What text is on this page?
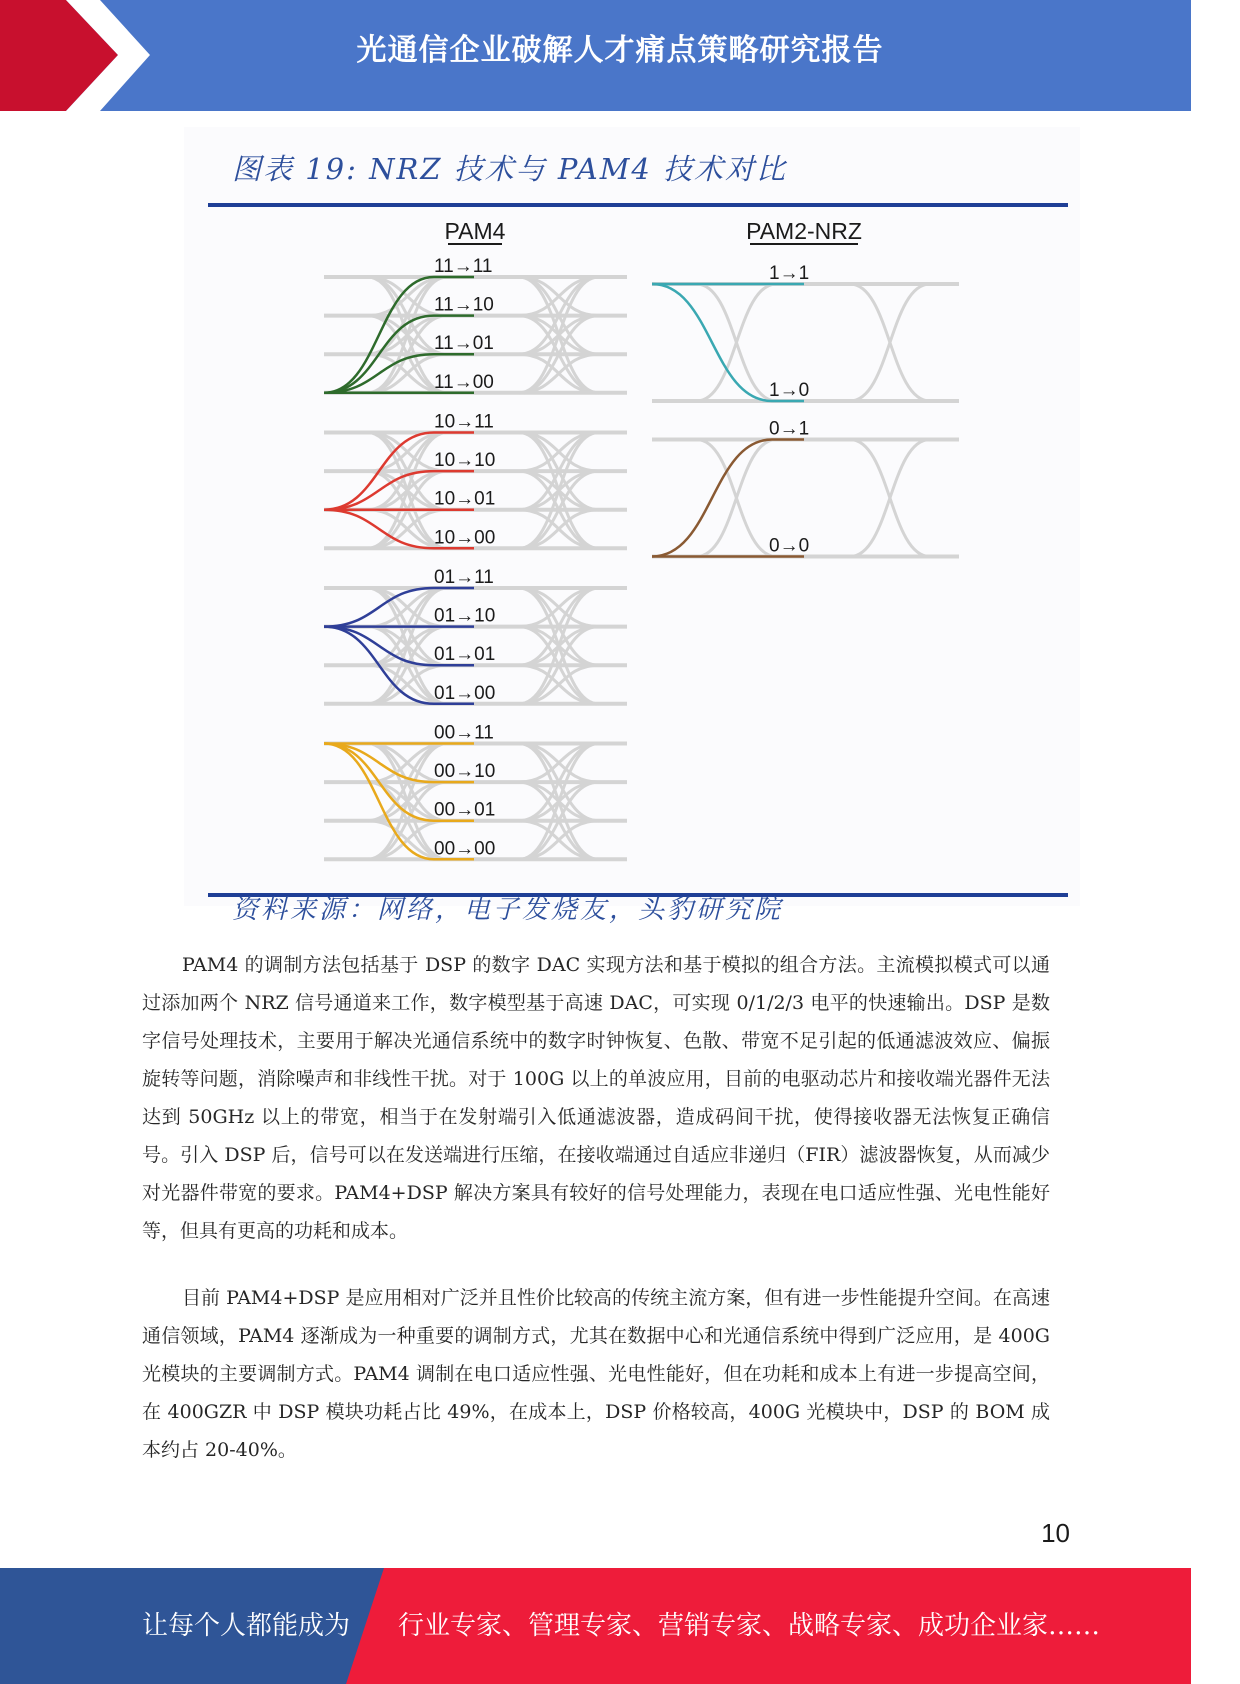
光通信企业破解人才痛点策略研究报告
图表 19: NRZ 技术与 PAM4 技术对比
PAM4
11→11
11→10
11→01
11→00
10→11
10→10
10→01
10→00
01→11
01→10
01→01
01→00
00→11
00→10
00→01
00→00
PAM2-NRZ
1→1
1→0
0→1
0→0
资料来源：网络，电子发烧友，头豹研究院

PAM4 的调制方法包括基于 DSP 的数字 DAC 实现方法和基于模拟的组合方法。主流模拟模式可以通过添加两个 NRZ 信号通道来工作，数字模型基于高速 DAC，可实现 0/1/2/3 电平的快速输出。DSP 是数字信号处理技术，主要用于解决光通信系统中的数字时钟恢复、色散、带宽不足引起的低通滤波效应、偏振旋转等问题，消除噪声和非线性干扰。对于 100G 以上的单波应用，目前的电驱动芯片和接收端光器件无法达到 50GHz 以上的带宽，相当于在发射端引入低通滤波器，造成码间干扰，使得接收器无法恢复正确信号。引入 DSP 后，信号可以在发送端进行压缩，在接收端通过自适应非递归（FIR）滤波器恢复，从而减少对光器件带宽的要求。PAM4+DSP 解决方案具有较好的信号处理能力，表现在电口适应性强、光电性能好等，但具有更高的功耗和成本。

目前 PAM4+DSP 是应用相对广泛并且性价比较高的传统主流方案，但有进一步性能提升空间。在高速通信领域，PAM4 逐渐成为一种重要的调制方式，尤其在数据中心和光通信系统中得到广泛应用，是 400G 光模块的主要调制方式。PAM4 调制在电口适应性强、光电性能好，但在功耗和成本上有进一步提高空间，在 400GZR 中 DSP 模块功耗占比 49%，在成本上，DSP 价格较高，400G 光模块中，DSP 的 BOM 成本约占 20-40%。

10
让每个人都能成为 行业专家、管理专家、营销专家、战略专家、成功企业家……
